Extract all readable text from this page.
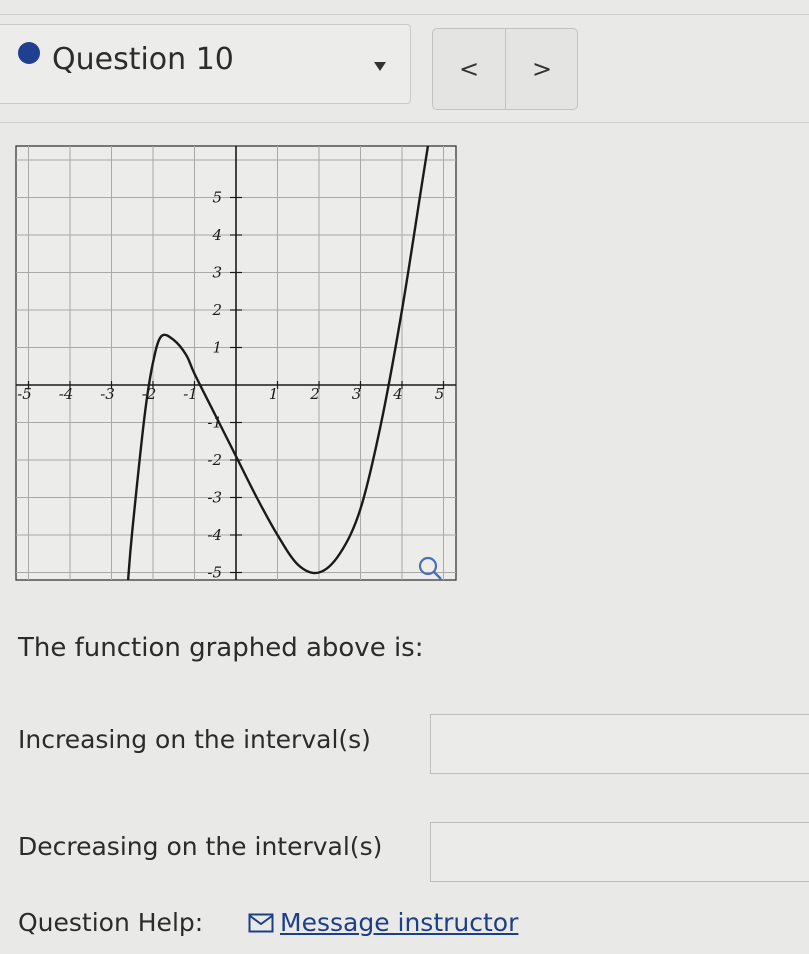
Question 10	<	>
-5 -4 -3 -2 -1	1 2 3 4 5
5
4
3
2
1
-1
-2
-3
-4
-5
The function graphed above is:
Increasing on the interval(s)
Decreasing on the interval(s)
Question Help:	Message instructor
